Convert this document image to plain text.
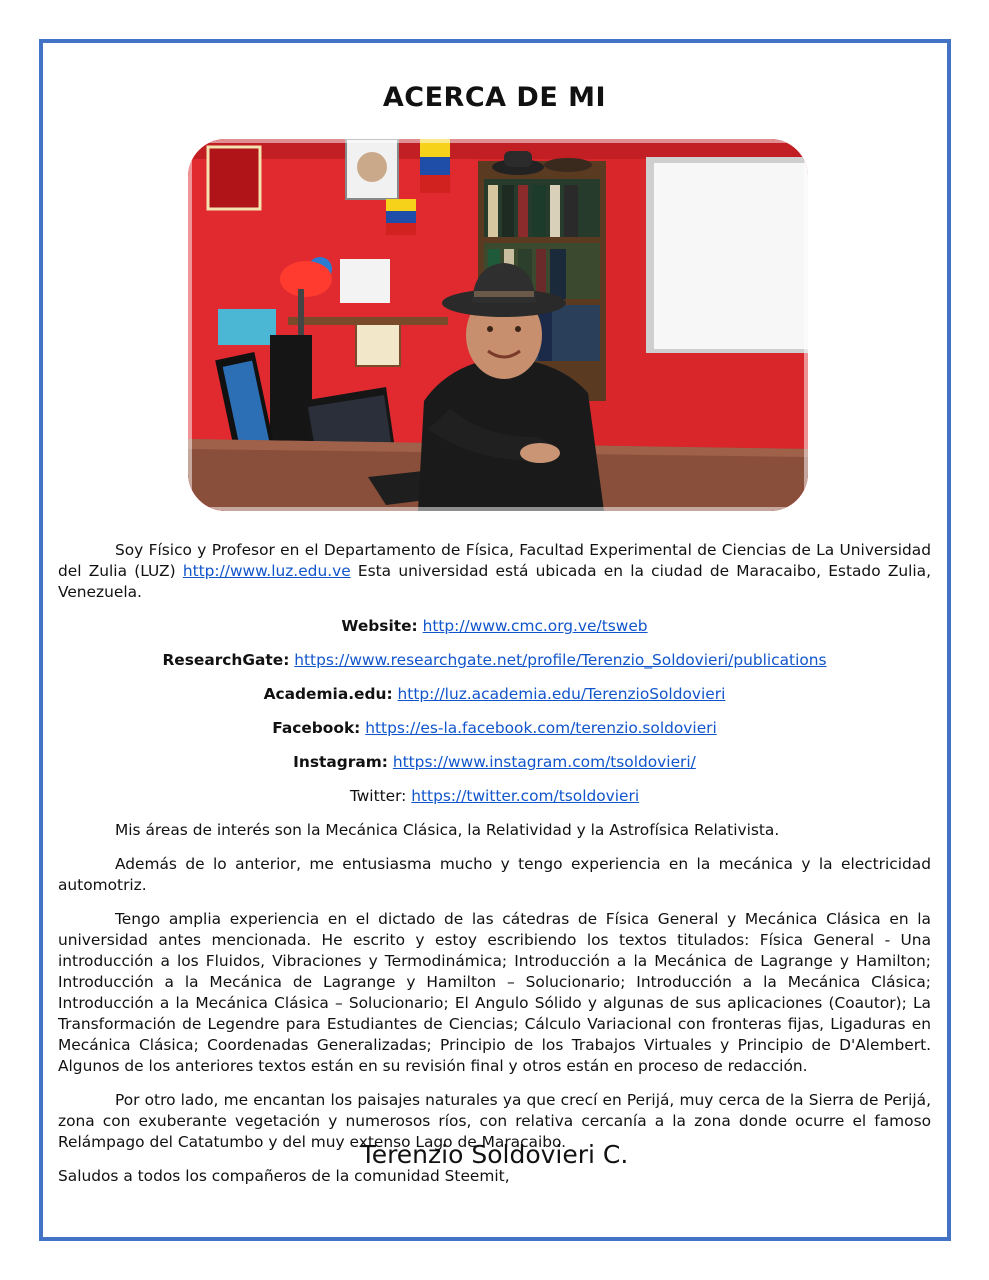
ACERCA DE MI

Soy Físico y Profesor en el Departamento de Física, Facultad Experimental de Ciencias de La Universidad del Zulia (LUZ) http://www.luz.edu.ve Esta universidad está ubicada en la ciudad de Maracaibo, Estado Zulia, Venezuela.

Website: http://www.cmc.org.ve/tsweb
ResearchGate: https://www.researchgate.net/profile/Terenzio_Soldovieri/publications
Academia.edu: http://luz.academia.edu/TerenzioSoldovieri
Facebook: https://es-la.facebook.com/terenzio.soldovieri
Instagram: https://www.instagram.com/tsoldovieri/
Twitter: https://twitter.com/tsoldovieri

Mis áreas de interés son la Mecánica Clásica, la Relatividad y la Astrofísica Relativista.

Además de lo anterior, me entusiasma mucho y tengo experiencia en la mecánica y la electricidad automotriz.

Tengo amplia experiencia en el dictado de las cátedras de Física General y Mecánica Clásica en la universidad antes mencionada. He escrito y estoy escribiendo los textos titulados: Física General - Una introducción a los Fluidos, Vibraciones y Termodinámica; Introducción a la Mecánica de Lagrange y Hamilton; Introducción a la Mecánica de Lagrange y Hamilton – Solucionario; Introducción a la Mecánica Clásica; Introducción a la Mecánica Clásica – Solucionario; El Angulo Sólido y algunas de sus aplicaciones (Coautor); La Transformación de Legendre para Estudiantes de Ciencias; Cálculo Variacional con fronteras fijas, Ligaduras en Mecánica Clásica; Coordenadas Generalizadas; Principio de los Trabajos Virtuales y Principio de D'Alembert. Algunos de los anteriores textos están en su revisión final y otros están en proceso de redacción.

Por otro lado, me encantan los paisajes naturales ya que crecí en Perijá, muy cerca de la Sierra de Perijá, zona con exuberante vegetación y numerosos ríos, con relativa cercanía a la zona donde ocurre el famoso Relámpago del Catatumbo y del muy extenso Lago de Maracaibo.

Saludos a todos los compañeros de la comunidad Steemit,

Terenzio Soldovieri C.
